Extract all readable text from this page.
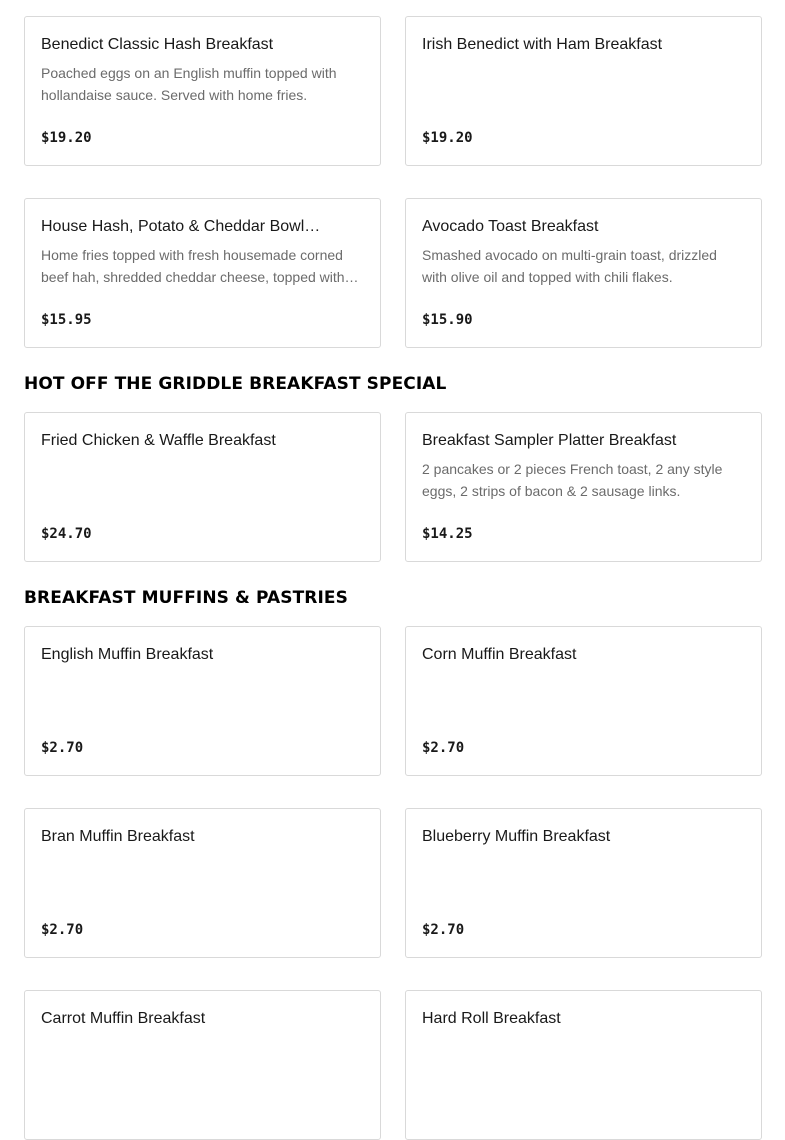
Benedict Classic Hash Breakfast
Poached eggs on an English muffin topped with hollandaise sauce. Served with home fries.
$19.20
Irish Benedict with Ham Breakfast
$19.20
House Hash, Potato & Cheddar Bowl…
Home fries topped with fresh housemade corned beef hah, shredded cheddar cheese, topped with…
$15.95
Avocado Toast Breakfast
Smashed avocado on multi-grain toast, drizzled with olive oil and topped with chili flakes.
$15.90
HOT OFF THE GRIDDLE BREAKFAST SPECIAL
Fried Chicken & Waffle Breakfast
$24.70
Breakfast Sampler Platter Breakfast
2 pancakes or 2 pieces French toast, 2 any style eggs, 2 strips of bacon & 2 sausage links.
$14.25
BREAKFAST MUFFINS & PASTRIES
English Muffin Breakfast
$2.70
Corn Muffin Breakfast
$2.70
Bran Muffin Breakfast
$2.70
Blueberry Muffin Breakfast
$2.70
Carrot Muffin Breakfast	Hard Roll Breakfast
